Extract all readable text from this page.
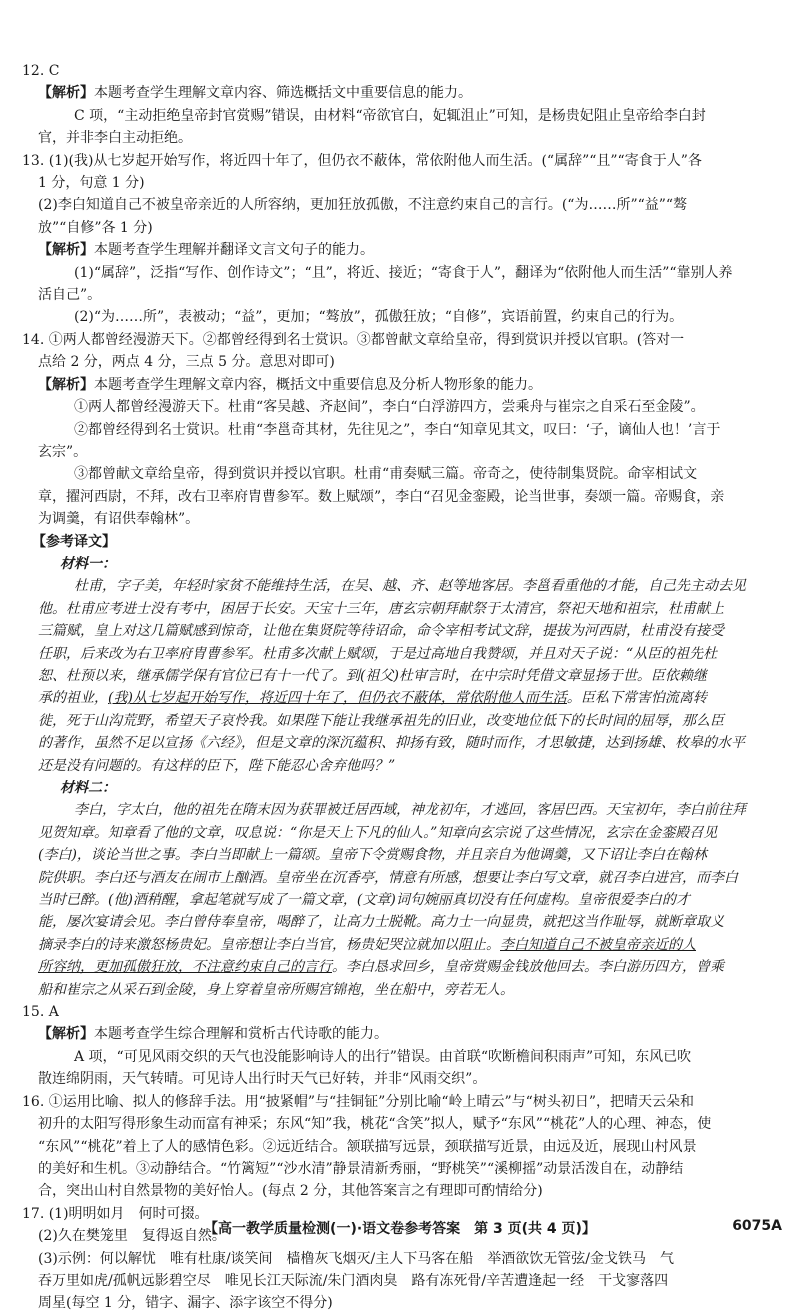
12. C
【解析】本题考查学生理解文章内容、筛选概括文中重要信息的能力。
C 项，“主动拒绝皇帝封官赏赐”错误，由材料“帝欲官白，妃辄沮止”可知，是杨贵妃阻止皇帝给李白封
官，并非李白主动拒绝。
13. (1)(我)从七岁起开始写作，将近四十年了，但仍衣不蔽体，常依附他人而生活。(“属辞”“且”“寄食于人”各
1 分，句意 1 分)
(2)李白知道自己不被皇帝亲近的人所容纳，更加狂放孤傲，不注意约束自己的言行。(“为……所”“益”“骜
放”“自修”各 1 分)
【解析】本题考查学生理解并翻译文言文句子的能力。
(1)“属辞”，泛指“写作、创作诗文”；“且”，将近、接近；“寄食于人”，翻译为“依附他人而生活”“靠别人养
活自己”。
(2)“为……所”，表被动；“益”，更加；“骜放”，孤傲狂放；“自修”，宾语前置，约束自己的行为。
14. ①两人都曾经漫游天下。②都曾经得到名士赏识。③都曾献文章给皇帝，得到赏识并授以官职。(答对一
点给 2 分，两点 4 分，三点 5 分。意思对即可)
【解析】本题考查学生理解文章内容，概括文中重要信息及分析人物形象的能力。
①两人都曾经漫游天下。杜甫“客吴越、齐赵间”，李白“白浮游四方，尝乘舟与崔宗之自采石至金陵”。
②都曾经得到名士赏识。杜甫“李邕奇其材，先往见之”，李白“知章见其文，叹曰：‘子，谪仙人也！’言于
玄宗”。
③都曾献文章给皇帝，得到赏识并授以官职。杜甫“甫奏赋三篇。帝奇之，使待制集贤院。命宰相试文
章，擢河西尉，不拜，改右卫率府胄曹参军。数上赋颂”，李白“召见金銮殿，论当世事，奏颂一篇。帝赐食，亲
为调羹，有诏供奉翰林”。
【参考译文】
材料一：
杜甫，字子美，年轻时家贫不能维持生活，在吴、越、齐、赵等地客居。李邕看重他的才能，自己先主动去见
他。杜甫应考进士没有考中，困居于长安。天宝十三年，唐玄宗朝拜献祭于太清宫，祭祀天地和祖宗，杜甫献上
三篇赋，皇上对这几篇赋感到惊奇，让他在集贤院等待诏命，命令宰相考试文辞，提拔为河西尉，杜甫没有接受
任职，后来改为右卫率府胄曹参军。杜甫多次献上赋颂，于是过高地自我赞颂，并且对天子说：“从臣的祖先杜
恕、杜预以来，继承儒学保有官位已有十一代了。到(祖父)杜审言时，在中宗时凭借文章显扬于世。臣依赖继
承的祖业，(我)从七岁起开始写作，将近四十年了，但仍衣不蔽体，常依附他人而生活。臣私下常害怕流离转
徙，死于山沟荒野，希望天子哀怜我。如果陛下能让我继承祖先的旧业，改变地位低下的长时间的屈辱，那么臣
的著作，虽然不足以宣扬《六经》，但是文章的深沉蕴积、抑扬有致，随时而作，才思敏捷，达到扬雄、枚皋的水平
还是没有问题的。有这样的臣下，陛下能忍心舍弃他吗？”
材料二：
李白，字太白，他的祖先在隋末因为获罪被迁居西域，神龙初年，才逃回，客居巴西。天宝初年，李白前往拜
见贺知章。知章看了他的文章，叹息说：“你是天上下凡的仙人。”知章向玄宗说了这些情况，玄宗在金銮殿召见
(李白)，谈论当世之事。李白当即献上一篇颂。皇帝下令赏赐食物，并且亲自为他调羹，又下诏让李白在翰林
院供职。李白还与酒友在闹市上酗酒。皇帝坐在沉香亭，情意有所感，想要让李白写文章，就召李白进宫，而李白
当时已醉。(他)酒稍醒，拿起笔就写成了一篇文章，(文章)词句婉丽真切没有任何虚构。皇帝很爱李白的才
能，屡次宴请会见。李白曾侍奉皇帝，喝醉了，让高力士脱靴。高力士一向显贵，就把这当作耻辱，就断章取义
摘录李白的诗来激怒杨贵妃。皇帝想让李白当官，杨贵妃哭泣就加以阻止。李白知道自己不被皇帝亲近的人
所容纳，更加孤傲狂放，不注意约束自己的言行。李白恳求回乡，皇帝赏赐金钱放他回去。李白游历四方，曾乘
船和崔宗之从采石到金陵，身上穿着皇帝所赐宫锦袍，坐在船中，旁若无人。
15. A
【解析】本题考查学生综合理解和赏析古代诗歌的能力。
A 项，“可见风雨交织的天气也没能影响诗人的出行”错误。由首联“吹断檐间积雨声”可知，东风已吹
散连绵阴雨，天气转晴。可见诗人出行时天气已好转，并非“风雨交织”。
16. ①运用比喻、拟人的修辞手法。用“披紧帽”与“挂铜钲”分别比喻“岭上晴云”与“树头初日”，把晴天云朵和
初升的太阳写得形象生动而富有神采；东风“知”我，桃花“含笑”拟人，赋予“东风”“桃花”人的心理、神态，使
“东风”“桃花”着上了人的感情色彩。②远近结合。颔联描写远景，颈联描写近景，由远及近，展现山村风景
的美好和生机。③动静结合。“竹篱短”“沙水清”静景清新秀丽，“野桃笑”“溪柳摇”动景活泼自在，动静结
合，突出山村自然景物的美好怡人。(每点 2 分，其他答案言之有理即可酌情给分)
17. (1)明明如月　何时可掇。
(2)久在樊笼里　复得返自然。
(3)示例：何以解忧　唯有杜康/谈笑间　樯橹灰飞烟灭/主人下马客在船　举酒欲饮无管弦/金戈铁马　气
吞万里如虎/孤帆远影碧空尽　唯见长江天际流/朱门酒肉臭　路有冻死骨/辛苦遭逢起一经　干戈寥落四
周星(每空 1 分，错字、漏字、添字该空不得分)
【高一教学质量检测(一)·语文卷参考答案　第 3 页(共 4 页)】	6075A
